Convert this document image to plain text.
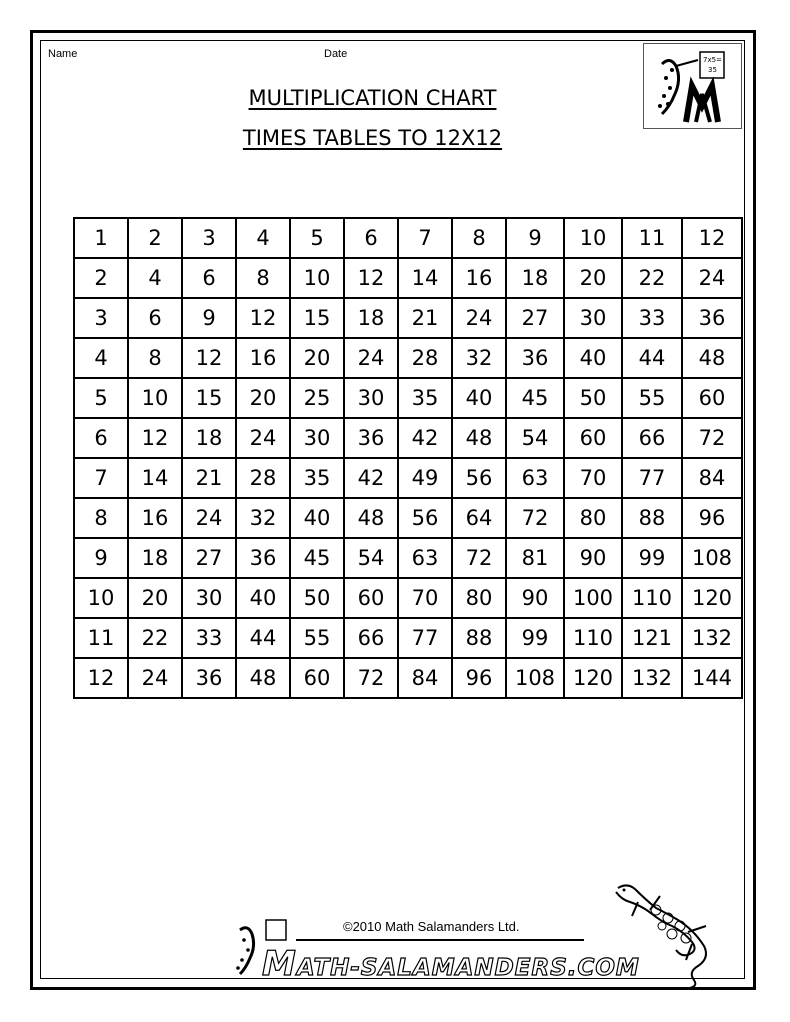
Name	Date
MULTIPLICATION CHART
TIMES TABLES TO 12X12
7x5=
35
1	2	3	4	5	6	7	8	9	10	11	12
2	4	6	8	10	12	14	16	18	20	22	24
3	6	9	12	15	18	21	24	27	30	33	36
4	8	12	16	20	24	28	32	36	40	44	48
5	10	15	20	25	30	35	40	45	50	55	60
6	12	18	24	30	36	42	48	54	60	66	72
7	14	21	28	35	42	49	56	63	70	77	84
8	16	24	32	40	48	56	64	72	80	88	96
9	18	27	36	45	54	63	72	81	90	99	108
10	20	30	40	50	60	70	80	90	100	110	120
11	22	33	44	55	66	77	88	99	110	121	132
12	24	36	48	60	72	84	96	108	120	132	144
©2010 Math Salamanders Ltd.
MATH-SALAMANDERS.COM
